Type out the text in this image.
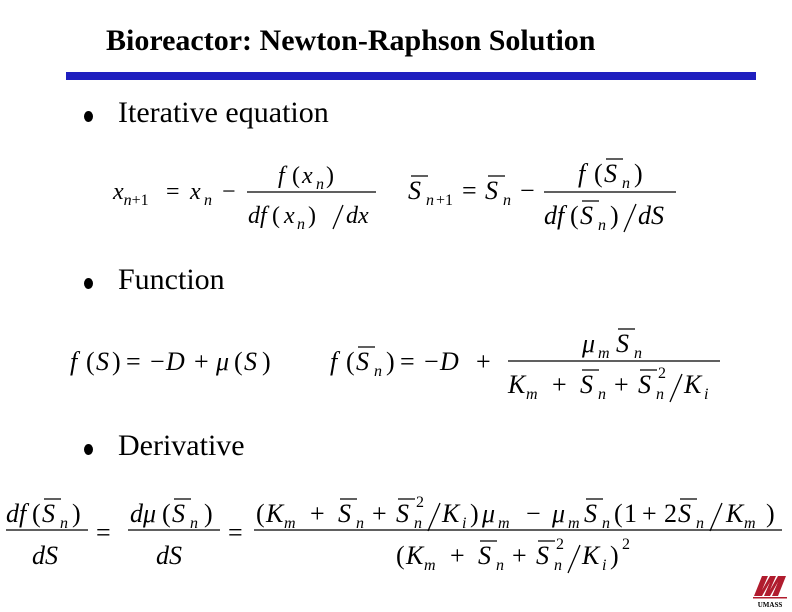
Bioreactor: Newton-Raphson Solution
Iterative equation
Function
Derivative
$x_n+1 = x$ n −
f ( x n )
df ( x n ) dx
S n +1 = S n −
f ( S n )
df ( S n ) dS
f ( S ) = − D + μ ( S ) f ( S n ) = − D +
μ m S n
K m + S n + S n
2 K i
df ( S n )
dS
=
dμ ( S n )
dS
=
( K m + S n + S n
2 K i ) μ m − μ m S n ( 1 + 2 S n K m )
( K m + S n + S n
2 K i ) 2
UMASS
